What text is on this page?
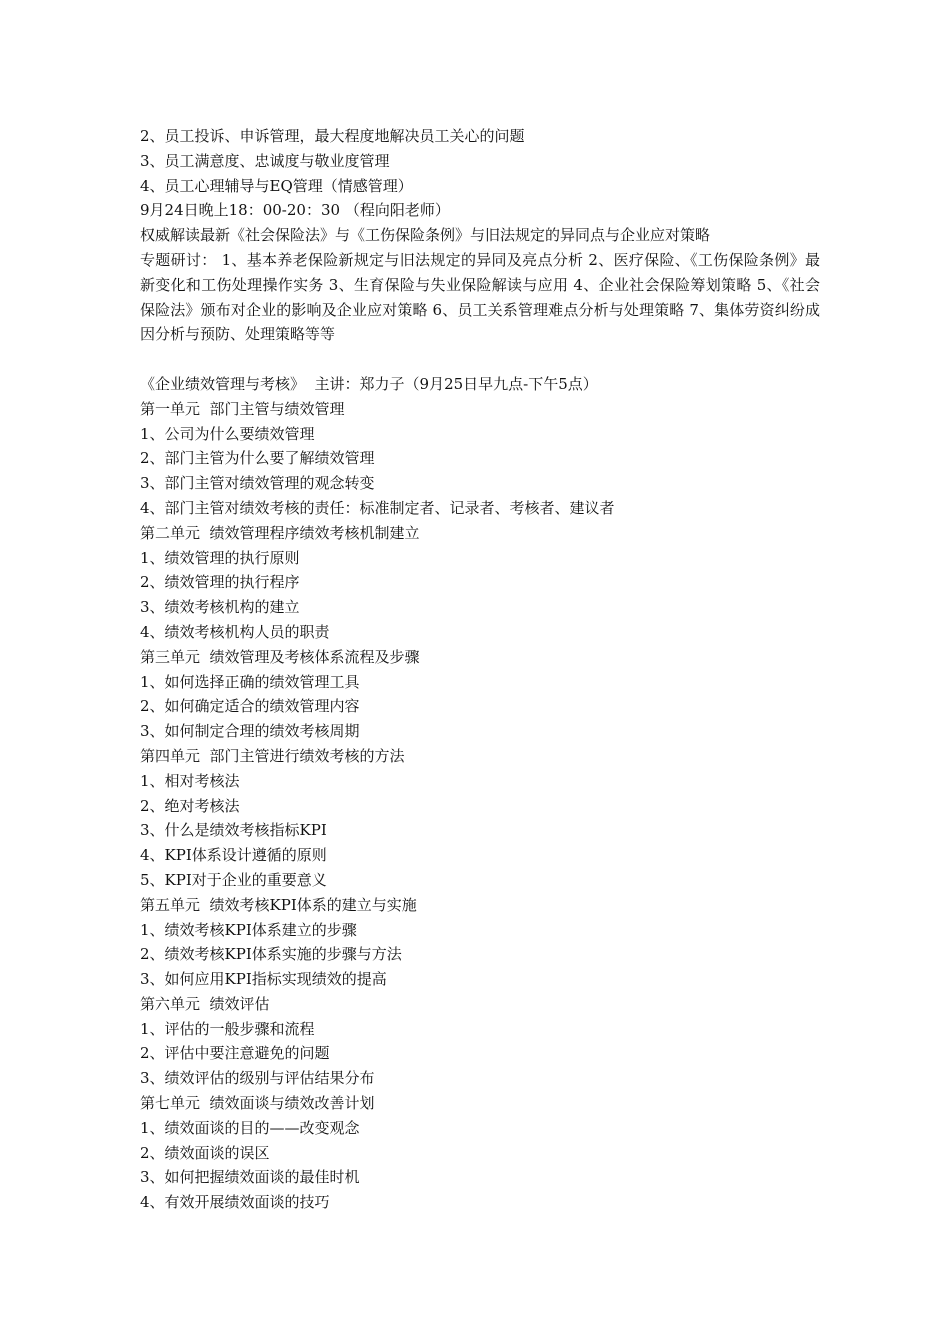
2、员工投诉、申诉管理，最大程度地解决员工关心的问题
3、员工满意度、忠诚度与敬业度管理
4、员工心理辅导与EQ管理（情感管理）
9月24日晚上18：00-20：30 （程向阳老师）
权威解读最新《社会保险法》与《工伤保险条例》与旧法规定的异同点与企业应对策略
专题研讨： 1、基本养老保险新规定与旧法规定的异同及亮点分析 2、医疗保险、《工伤保险条例》最新变化和工伤处理操作实务 3、生育保险与失业保险解读与应用 4、企业社会保险筹划策略 5、《社会保险法》颁布对企业的影响及企业应对策略 6、员工关系管理难点分析与处理策略 7、集体劳资纠纷成因分析与预防、处理策略等等
《企业绩效管理与考核》  主讲：郑力子（9月25日早九点-下午5点）
第一单元  部门主管与绩效管理
1、公司为什么要绩效管理
2、部门主管为什么要了解绩效管理
3、部门主管对绩效管理的观念转变
4、部门主管对绩效考核的责任：标准制定者、记录者、考核者、建议者
第二单元  绩效管理程序绩效考核机制建立
1、绩效管理的执行原则
2、绩效管理的执行程序
3、绩效考核机构的建立
4、绩效考核机构人员的职责
第三单元  绩效管理及考核体系流程及步骤
1、如何选择正确的绩效管理工具
2、如何确定适合的绩效管理内容
3、如何制定合理的绩效考核周期
第四单元  部门主管进行绩效考核的方法
1、相对考核法
2、绝对考核法
3、什么是绩效考核指标KPI
4、KPI体系设计遵循的原则
5、KPI对于企业的重要意义
第五单元  绩效考核KPI体系的建立与实施
1、绩效考核KPI体系建立的步骤
2、绩效考核KPI体系实施的步骤与方法
3、如何应用KPI指标实现绩效的提高
第六单元  绩效评估
1、评估的一般步骤和流程
2、评估中要注意避免的问题
3、绩效评估的级别与评估结果分布
第七单元  绩效面谈与绩效改善计划
1、绩效面谈的目的——改变观念
2、绩效面谈的误区
3、如何把握绩效面谈的最佳时机
4、有效开展绩效面谈的技巧
